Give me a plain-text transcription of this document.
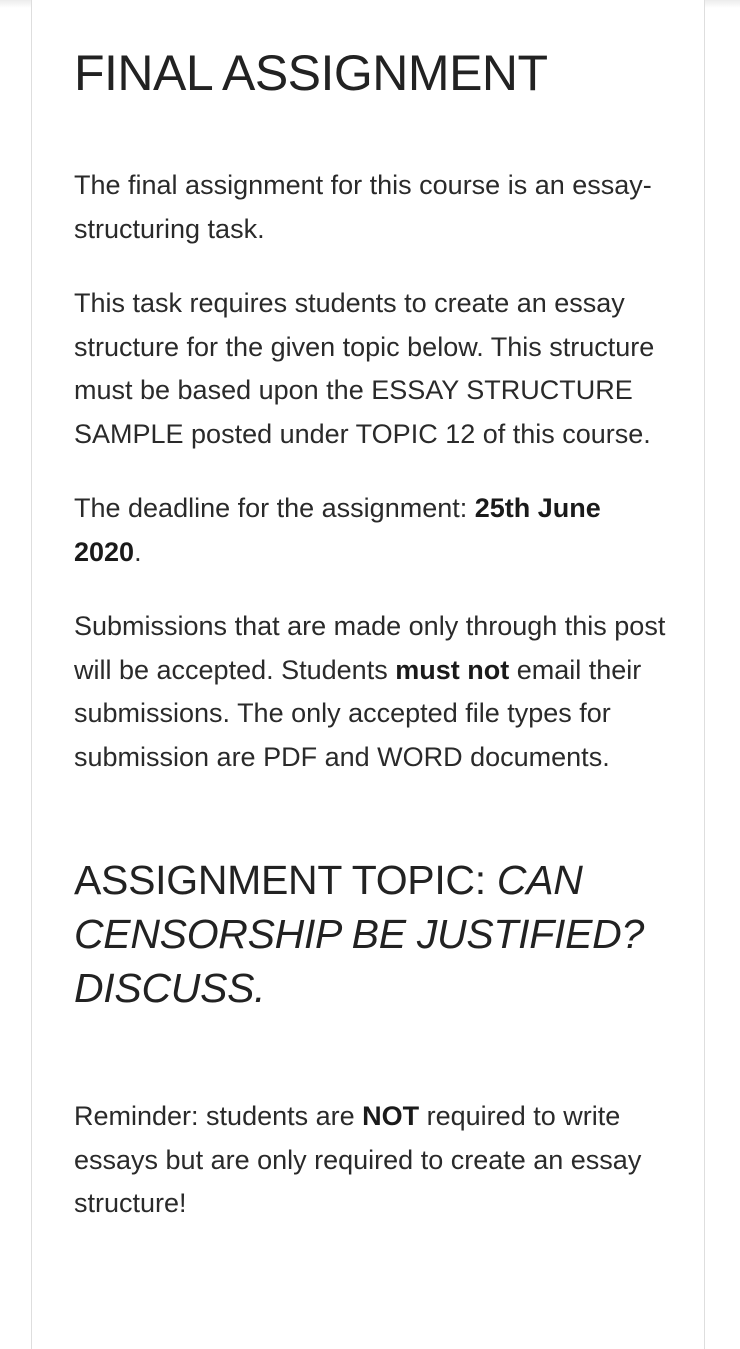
FINAL ASSIGNMENT

The final assignment for this course is an essay-structuring task.

This task requires students to create an essay structure for the given topic below. This structure must be based upon the ESSAY STRUCTURE SAMPLE posted under TOPIC 12 of this course.

The deadline for the assignment: 25th June 2020.

Submissions that are made only through this post will be accepted. Students must not email their submissions. The only accepted file types for submission are PDF and WORD documents.

ASSIGNMENT TOPIC: CAN CENSORSHIP BE JUSTIFIED? DISCUSS.

Reminder: students are NOT required to write essays but are only required to create an essay structure!
